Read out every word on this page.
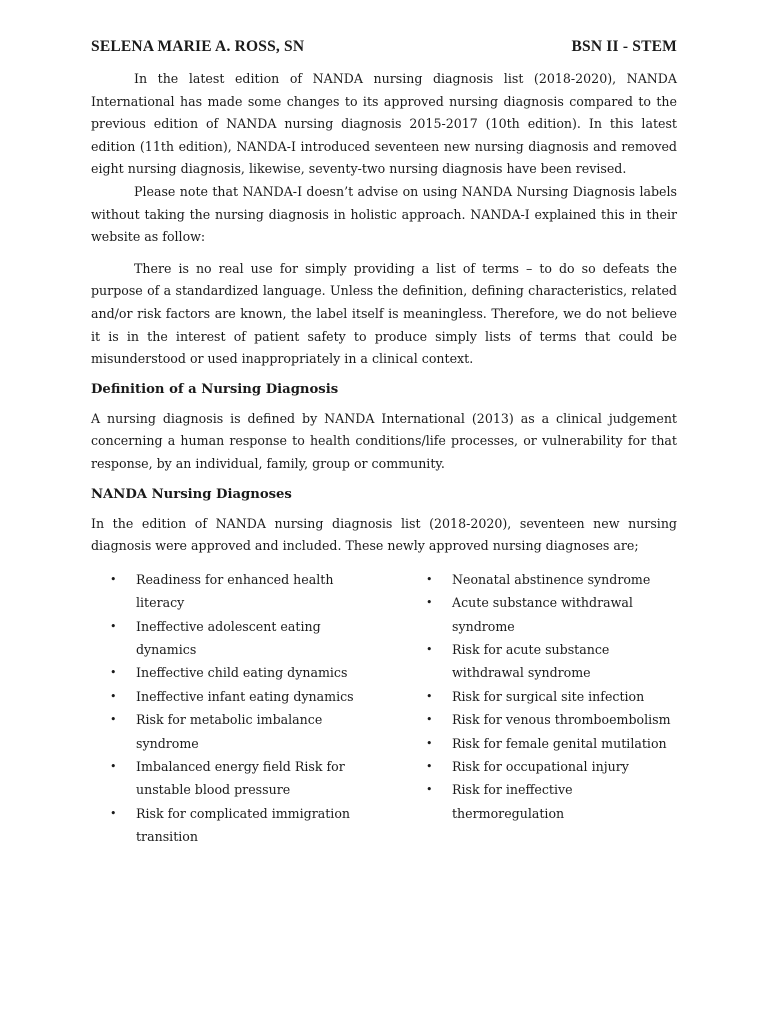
SELENA MARIE A. ROSS, SN	BSN II - STEM

In the latest edition of NANDA nursing diagnosis list (2018-2020), NANDA International has made some changes to its approved nursing diagnosis compared to the previous edition of NANDA nursing diagnosis 2015-2017 (10th edition). In this latest edition (11th edition), NANDA-I introduced seventeen new nursing diagnosis and removed eight nursing diagnosis, likewise, seventy-two nursing diagnosis have been revised.

Please note that NANDA-I doesn’t advise on using NANDA Nursing Diagnosis labels without taking the nursing diagnosis in holistic approach. NANDA-I explained this in their website as follow:

There is no real use for simply providing a list of terms – to do so defeats the purpose of a standardized language. Unless the definition, defining characteristics, related and/or risk factors are known, the label itself is meaningless. Therefore, we do not believe it is in the interest of patient safety to produce simply lists of terms that could be misunderstood or used inappropriately in a clinical context.

Definition of a Nursing Diagnosis

A nursing diagnosis is defined by NANDA International (2013) as a clinical judgement concerning a human response to health conditions/life processes, or vulnerability for that response, by an individual, family, group or community.

NANDA Nursing Diagnoses

In the edition of NANDA nursing diagnosis list (2018-2020), seventeen new nursing diagnosis were approved and included. These newly approved nursing diagnoses are;

• Readiness for enhanced health literacy
• Ineffective adolescent eating dynamics
• Ineffective child eating dynamics
• Ineffective infant eating dynamics
• Risk for metabolic imbalance syndrome
• Imbalanced energy field Risk for unstable blood pressure
• Risk for complicated immigration transition
• Neonatal abstinence syndrome
• Acute substance withdrawal syndrome
• Risk for acute substance withdrawal syndrome
• Risk for surgical site infection
• Risk for venous thromboembolism
• Risk for female genital mutilation
• Risk for occupational injury
• Risk for ineffective thermoregulation
